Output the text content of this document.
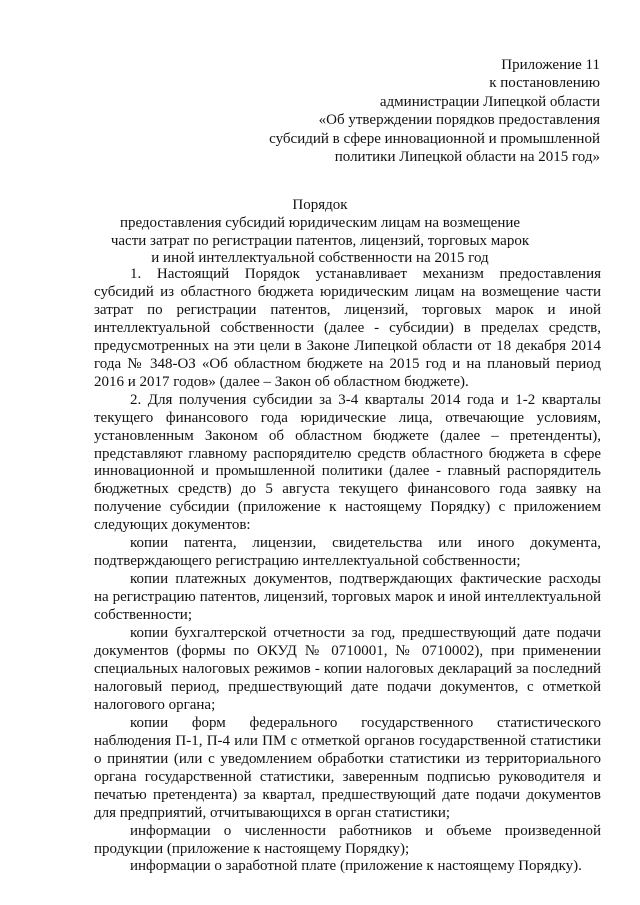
Приложение 11
к постановлению
администрации Липецкой области
«Об утверждении порядков предоставления
субсидий в сфере инновационной и промышленной
политики Липецкой области на 2015 год»
Порядок
предоставления субсидий юридическим лицам на возмещение
части затрат по регистрации патентов, лицензий, торговых марок
и иной интеллектуальной собственности на 2015 год

1. Настоящий Порядок устанавливает механизм предоставления субсидий из областного бюджета юридическим лицам на возмещение части затрат по регистрации патентов, лицензий, торговых марок и иной интеллектуальной собственности (далее - субсидии) в пределах средств, предусмотренных на эти цели в Законе Липецкой области от 18 декабря 2014 года № 348-ОЗ «Об областном бюджете на 2015 год и на плановый период 2016 и 2017 годов» (далее – Закон об областном бюджете).

2. Для получения субсидии за 3-4 кварталы 2014 года и 1-2 кварталы текущего финансового года юридические лица, отвечающие условиям, установленным Законом об областном бюджете (далее – претенденты), представляют главному распорядителю средств областного бюджета в сфере инновационной и промышленной политики (далее - главный распорядитель бюджетных средств) до 5 августа текущего финансового года заявку на получение субсидии (приложение к настоящему Порядку) с приложением следующих документов:

копии патента, лицензии, свидетельства или иного документа, подтверждающего регистрацию интеллектуальной собственности;

копии платежных документов, подтверждающих фактические расходы на регистрацию патентов, лицензий, торговых марок и иной интеллектуальной собственности;

копии бухгалтерской отчетности за год, предшествующий дате подачи документов (формы по ОКУД № 0710001, № 0710002), при применении специальных налоговых режимов - копии налоговых деклараций за последний налоговый период, предшествующий дате подачи документов, с отметкой налогового органа;

копии форм федерального государственного статистического наблюдения П-1, П-4 или ПМ с отметкой органов государственной статистики о принятии (или с уведомлением обработки статистики из территориального органа государственной статистики, заверенным подписью руководителя и печатью претендента) за квартал, предшествующий дате подачи документов для предприятий, отчитывающихся в орган статистики;

информации о численности работников и объеме произведенной продукции (приложение к настоящему Порядку);

информации о заработной плате (приложение к настоящему Порядку).
